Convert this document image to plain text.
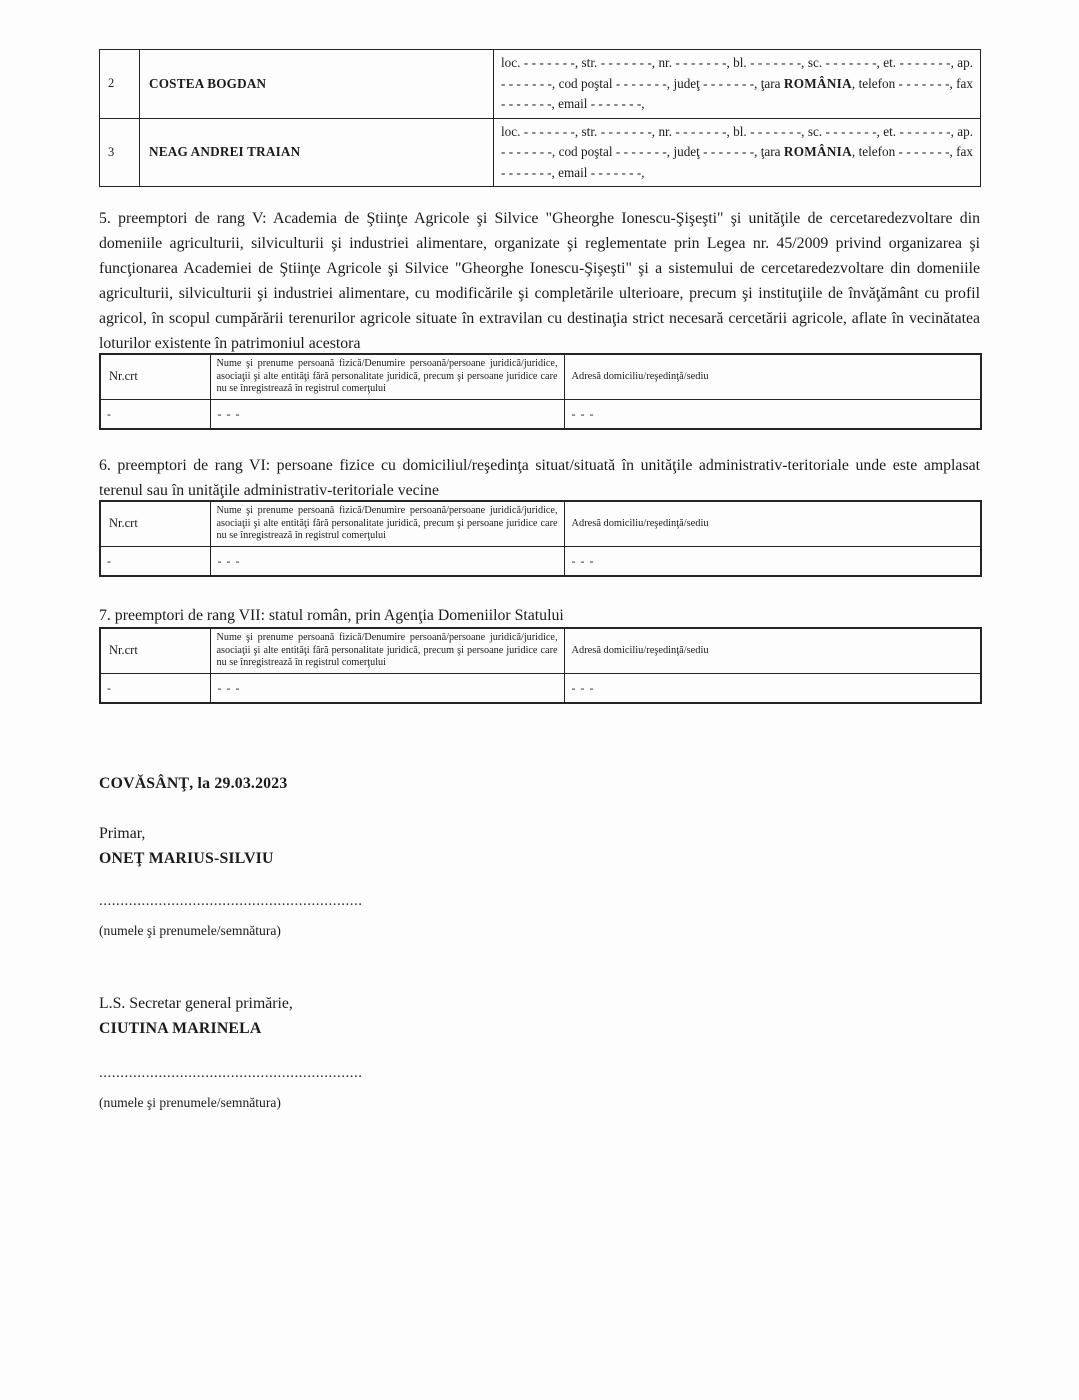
2	COSTEA BOGDAN	loc. - - - - - - -, str. - - - - - - -, nr. - - - - - - -, bl. - - - - - - -, sc. - - - - - - -, et. - - - - - - -, ap. - - - - - - -, cod poştal - - - - - - -, judeţ - - - - - - -, ţara ROMÂNIA, telefon - - - - - - -, fax - - - - - - -, email - - - - - - -,
3	NEAG ANDREI TRAIAN	loc. - - - - - - -, str. - - - - - - -, nr. - - - - - - -, bl. - - - - - - -, sc. - - - - - - -, et. - - - - - - -, ap. - - - - - - -, cod poştal - - - - - - -, judeţ - - - - - - -, ţara ROMÂNIA, telefon - - - - - - -, fax - - - - - - -, email - - - - - - -,

5. preemptori de rang V: Academia de Ştiinţe Agricole şi Silvice "Gheorghe Ionescu-Şişeşti" şi unităţile de cercetaredezvoltare din domeniile agriculturii, silviculturii şi industriei alimentare, organizate şi reglementate prin Legea nr. 45/2009 privind organizarea şi funcţionarea Academiei de Ştiinţe Agricole şi Silvice "Gheorghe Ionescu-Şişeşti" şi a sistemului de cercetaredezvoltare din domeniile agriculturii, silviculturii şi industriei alimentare, cu modificările şi completările ulterioare, precum şi instituţiile de învăţământ cu profil agricol, în scopul cumpărării terenurilor agricole situate în extravilan cu destinaţia strict necesară cercetării agricole, aflate în vecinătatea loturilor existente în patrimoniul acestora

Nr.crt	Nume şi prenume persoană fizică/Denumire persoană/persoane juridică/juridice, asociaţii şi alte entităţi fără personalitate juridică, precum şi persoane juridice care nu se înregistrează în registrul comerţului	Adresă domiciliu/reşedinţă/sediu
-	- - -	- - -

6. preemptori de rang VI: persoane fizice cu domiciliul/reşedinţa situat/situată în unităţile administrativ-teritoriale unde este amplasat terenul sau în unităţile administrativ-teritoriale vecine

Nr.crt	Nume şi prenume persoană fizică/Denumire persoană/persoane juridică/juridice, asociaţii şi alte entităţi fără personalitate juridică, precum şi persoane juridice care nu se înregistrează în registrul comerţului	Adresă domiciliu/reşedinţă/sediu
-	- - -	- - -

7. preemptori de rang VII: statul român, prin Agenţia Domeniilor Statului

Nr.crt	Nume şi prenume persoană fizică/Denumire persoană/persoane juridică/juridice, asociaţii şi alte entităţi fără personalitate juridică, precum şi persoane juridice care nu se înregistrează în registrul comerţului	Adresă domiciliu/reşedinţă/sediu
-	- - -	- - -
COVĂSÂNŢ, la 29.03.2023
Primar,
ONEŢ MARIUS-SILVIU
..............................................................
(numele şi prenumele/semnătura)
L.S. Secretar general primărie,
CIUTINA MARINELA
..............................................................
(numele şi prenumele/semnătura)
